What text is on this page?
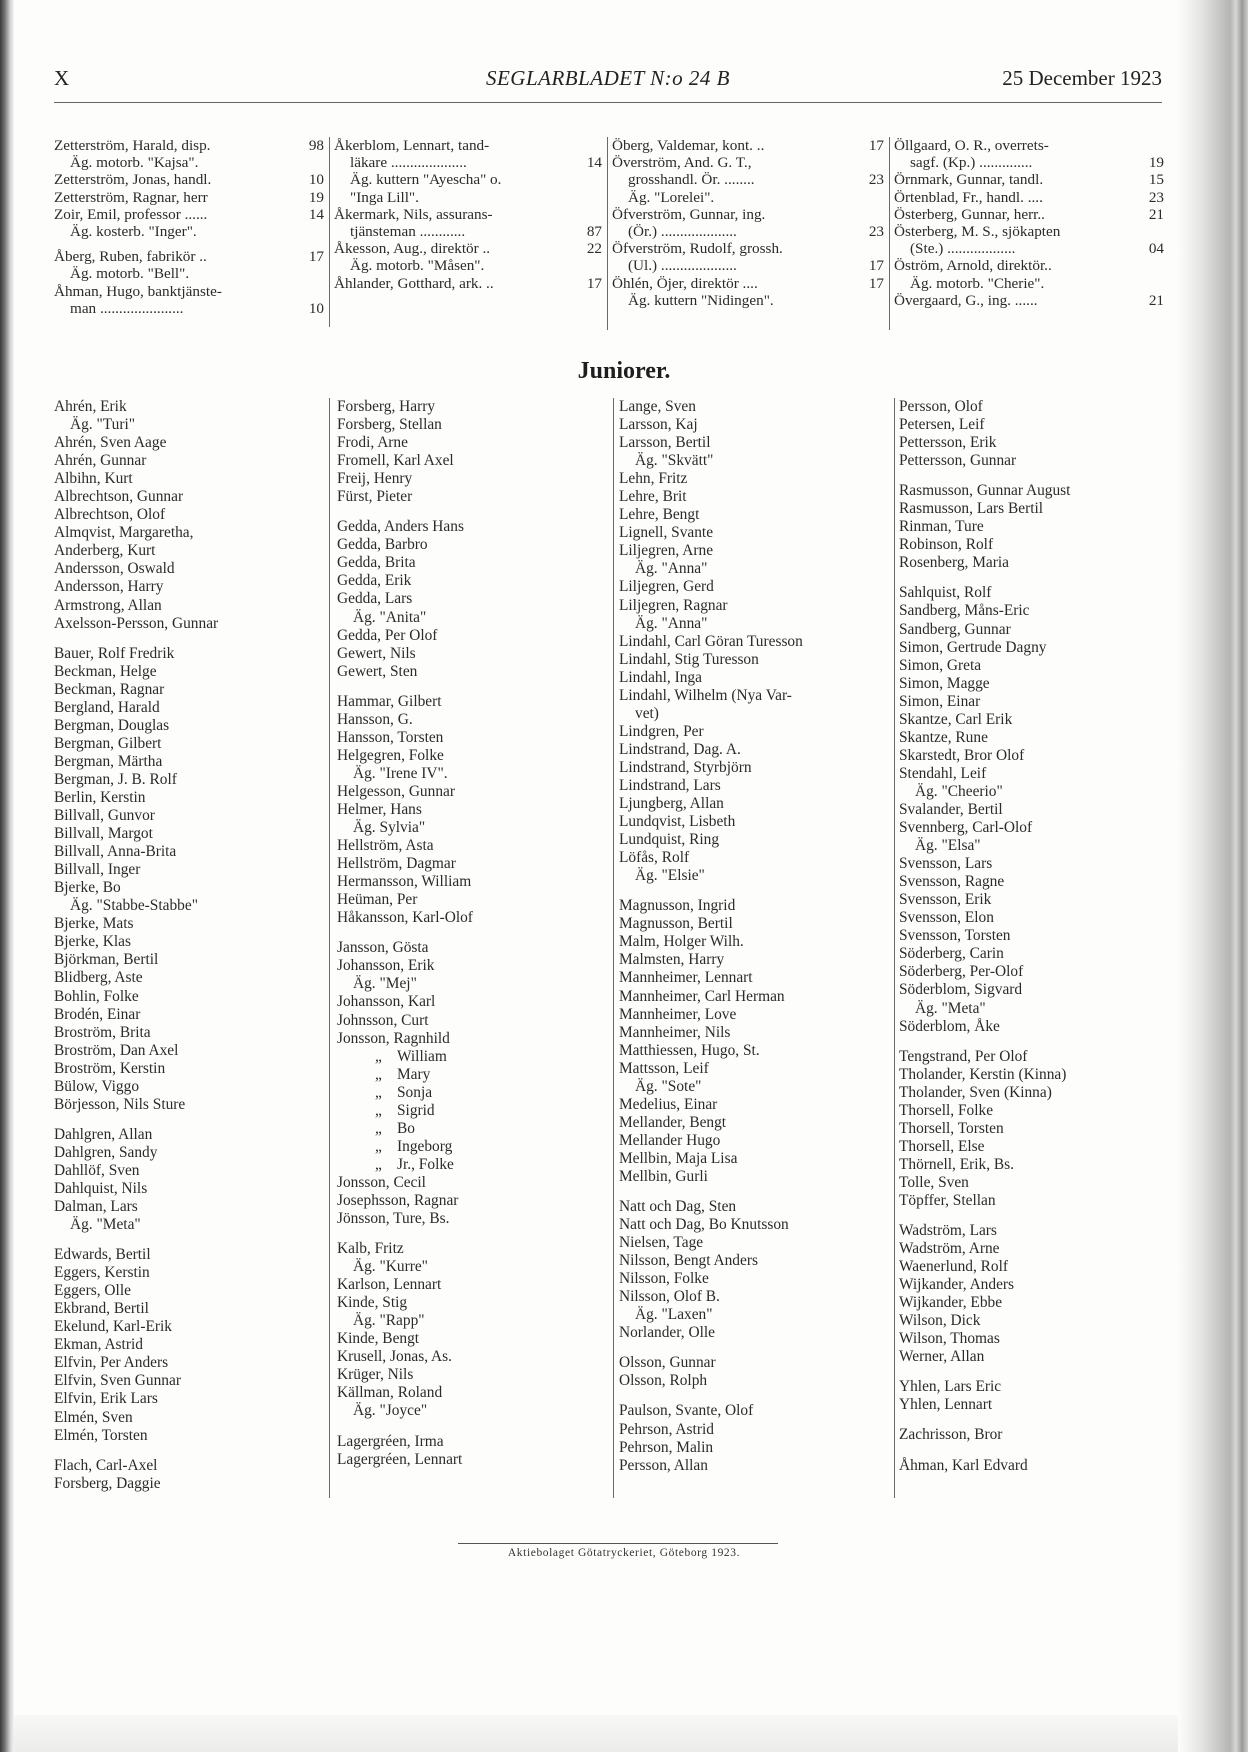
X	SEGLARBLADET N:o 24 B	25 December 1923
Zetterström, Harald, disp.	98
Äg. motorb. "Kajsa".
Zetterström, Jonas, handl.	10
Zetterström, Ragnar, herr	19
Zoir, Emil, professor ......	14
Äg. kosterb. "Inger".
Åberg, Ruben, fabrikör ..	17
Äg. motorb. "Bell".
Åhman, Hugo, banktjänste-
man ......................	10
Åkerblom, Lennart, tand-
läkare ....................	14
Äg. kuttern "Ayescha" o.
"Inga Lill".
Åkermark, Nils, assurans-
tjänsteman ............	87
Åkesson, Aug., direktör ..	22
Äg. motorb. "Måsen".
Åhlander, Gotthard, ark. ..	17
Öberg, Valdemar, kont. ..	17
Överström, And. G. T.,
grosshandl. Ör. ........	23
Äg. "Lorelei".
Öfverström, Gunnar, ing.
(Ör.) ....................	23
Öfverström, Rudolf, grossh.
(Ul.) ....................	17
Öhlén, Öjer, direktör ....	17
Äg. kuttern "Nidingen".
Öllgaard, O. R., overrets-
sagf. (Kp.) ..............	19
Örnmark, Gunnar, tandl.	15
Örtenblad, Fr., handl. ....	23
Österberg, Gunnar, herr..	21
Österberg, M. S., sjökapten
(Ste.) ..................	04
Öström, Arnold, direktör..
Äg. motorb. "Cherie".
Övergaard, G., ing. ......	21
Juniorer.
Ahrén, Erik
Äg. "Turi"
Ahrén, Sven Aage
Ahrén, Gunnar
Albihn, Kurt
Albrechtson, Gunnar
Albrechtson, Olof
Almqvist, Margaretha,
Anderberg, Kurt
Andersson, Oswald
Andersson, Harry
Armstrong, Allan
Axelsson-Persson, Gunnar
Bauer, Rolf Fredrik
Beckman, Helge
Beckman, Ragnar
Bergland, Harald
Bergman, Douglas
Bergman, Gilbert
Bergman, Märtha
Bergman, J. B. Rolf
Berlin, Kerstin
Billvall, Gunvor
Billvall, Margot
Billvall, Anna-Brita
Billvall, Inger
Bjerke, Bo
Äg. "Stabbe-Stabbe"
Bjerke, Mats
Bjerke, Klas
Björkman, Bertil
Blidberg, Aste
Bohlin, Folke
Brodén, Einar
Broström, Brita
Broström, Dan Axel
Broström, Kerstin
Bülow, Viggo
Börjesson, Nils Sture
Dahlgren, Allan
Dahlgren, Sandy
Dahllöf, Sven
Dahlquist, Nils
Dalman, Lars
Äg. "Meta"
Edwards, Bertil
Eggers, Kerstin
Eggers, Olle
Ekbrand, Bertil
Ekelund, Karl-Erik
Ekman, Astrid
Elfvin, Per Anders
Elfvin, Sven Gunnar
Elfvin, Erik Lars
Elmén, Sven
Elmén, Torsten
Flach, Carl-Axel
Forsberg, Daggie
Forsberg, Harry
Forsberg, Stellan
Frodi, Arne
Fromell, Karl Axel
Freij, Henry
Fürst, Pieter
Gedda, Anders Hans
Gedda, Barbro
Gedda, Brita
Gedda, Erik
Gedda, Lars
Äg. "Anita"
Gedda, Per Olof
Gewert, Nils
Gewert, Sten
Hammar, Gilbert
Hansson, G.
Hansson, Torsten
Helgegren, Folke
Äg. "Irene IV".
Helgesson, Gunnar
Helmer, Hans
Äg. Sylvia"
Hellström, Asta
Hellström, Dagmar
Hermansson, William
Heüman, Per
Håkansson, Karl-Olof
Jansson, Gösta
Johansson, Erik
Äg. "Mej"
Johansson, Karl
Johnsson, Curt
Jonsson, Ragnhild
„ William
„ Mary
„ Sonja
„ Sigrid
„ Bo
„ Ingeborg
„ Jr., Folke
Jonsson, Cecil
Josephsson, Ragnar
Jönsson, Ture, Bs.
Kalb, Fritz
Äg. "Kurre"
Karlson, Lennart
Kinde, Stig
Äg. "Rapp"
Kinde, Bengt
Krusell, Jonas, As.
Krüger, Nils
Källman, Roland
Äg. "Joyce"
Lagergréen, Irma
Lagergréen, Lennart
Lange, Sven
Larsson, Kaj
Larsson, Bertil
Äg. "Skvätt"
Lehn, Fritz
Lehre, Brit
Lehre, Bengt
Lignell, Svante
Liljegren, Arne
Äg. "Anna"
Liljegren, Gerd
Liljegren, Ragnar
Äg. "Anna"
Lindahl, Carl Göran Turesson
Lindahl, Stig Turesson
Lindahl, Inga
Lindahl, Wilhelm (Nya Var-
vet)
Lindgren, Per
Lindstrand, Dag. A.
Lindstrand, Styrbjörn
Lindstrand, Lars
Ljungberg, Allan
Lundqvist, Lisbeth
Lundquist, Ring
Löfås, Rolf
Äg. "Elsie"
Magnusson, Ingrid
Magnusson, Bertil
Malm, Holger Wilh.
Malmsten, Harry
Mannheimer, Lennart
Mannheimer, Carl Herman
Mannheimer, Love
Mannheimer, Nils
Matthiessen, Hugo, St.
Mattsson, Leif
Äg. "Sote"
Medelius, Einar
Mellander, Bengt
Mellander Hugo
Mellbin, Maja Lisa
Mellbin, Gurli
Natt och Dag, Sten
Natt och Dag, Bo Knutsson
Nielsen, Tage
Nilsson, Bengt Anders
Nilsson, Folke
Nilsson, Olof B.
Äg. "Laxen"
Norlander, Olle
Olsson, Gunnar
Olsson, Rolph
Paulson, Svante, Olof
Pehrson, Astrid
Pehrson, Malin
Persson, Allan
Persson, Olof
Petersen, Leif
Pettersson, Erik
Pettersson, Gunnar
Rasmusson, Gunnar August
Rasmusson, Lars Bertil
Rinman, Ture
Robinson, Rolf
Rosenberg, Maria
Sahlquist, Rolf
Sandberg, Måns-Eric
Sandberg, Gunnar
Simon, Gertrude Dagny
Simon, Greta
Simon, Magge
Simon, Einar
Skantze, Carl Erik
Skantze, Rune
Skarstedt, Bror Olof
Stendahl, Leif
Äg. "Cheerio"
Svalander, Bertil
Svennberg, Carl-Olof
Äg. "Elsa"
Svensson, Lars
Svensson, Ragne
Svensson, Erik
Svensson, Elon
Svensson, Torsten
Söderberg, Carin
Söderberg, Per-Olof
Söderblom, Sigvard
Äg. "Meta"
Söderblom, Åke
Tengstrand, Per Olof
Tholander, Kerstin (Kinna)
Tholander, Sven (Kinna)
Thorsell, Folke
Thorsell, Torsten
Thorsell, Else
Thörnell, Erik, Bs.
Tolle, Sven
Töpffer, Stellan
Wadström, Lars
Wadström, Arne
Waenerlund, Rolf
Wijkander, Anders
Wijkander, Ebbe
Wilson, Dick
Wilson, Thomas
Werner, Allan
Yhlen, Lars Eric
Yhlen, Lennart
Zachrisson, Bror
Åhman, Karl Edvard
Aktiebolaget Götatryckeriet, Göteborg 1923.
